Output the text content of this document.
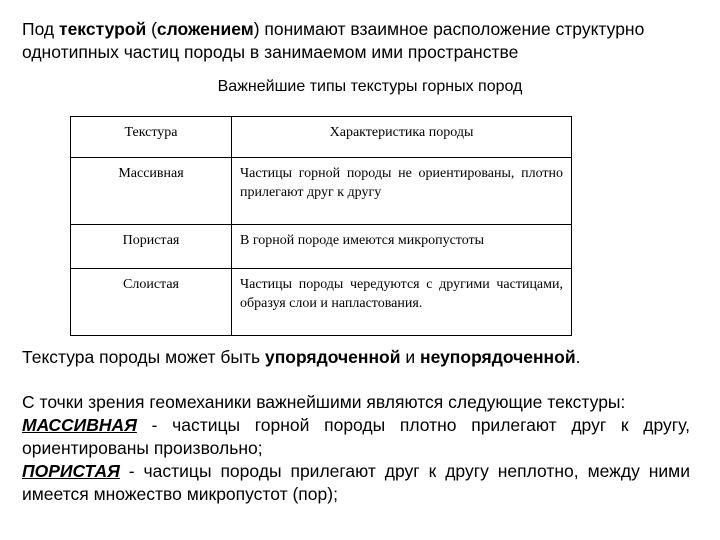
Под текстурой (сложением) понимают взаимное расположение структурно однотипных частиц породы в занимаемом ими пространстве
Важнейшие типы текстуры горных пород
Текстура	Характеристика породы
Массивная	Частицы горной породы не ориентированы, плотно прилегают друг к другу
Пористая	В горной породе имеются микропустоты
Слоистая	Частицы породы чередуются с другими частицами, образуя слои и напластования.
Текстура породы может быть упорядоченной и неупорядоченной.
С точки зрения геомеханики важнейшими являются следующие текстуры:
МАССИВНАЯ - частицы горной породы плотно прилегают друг к другу, ориентированы произвольно;
ПОРИСТАЯ - частицы породы прилегают друг к другу неплотно, между ними имеется множество микропустот (пор);
